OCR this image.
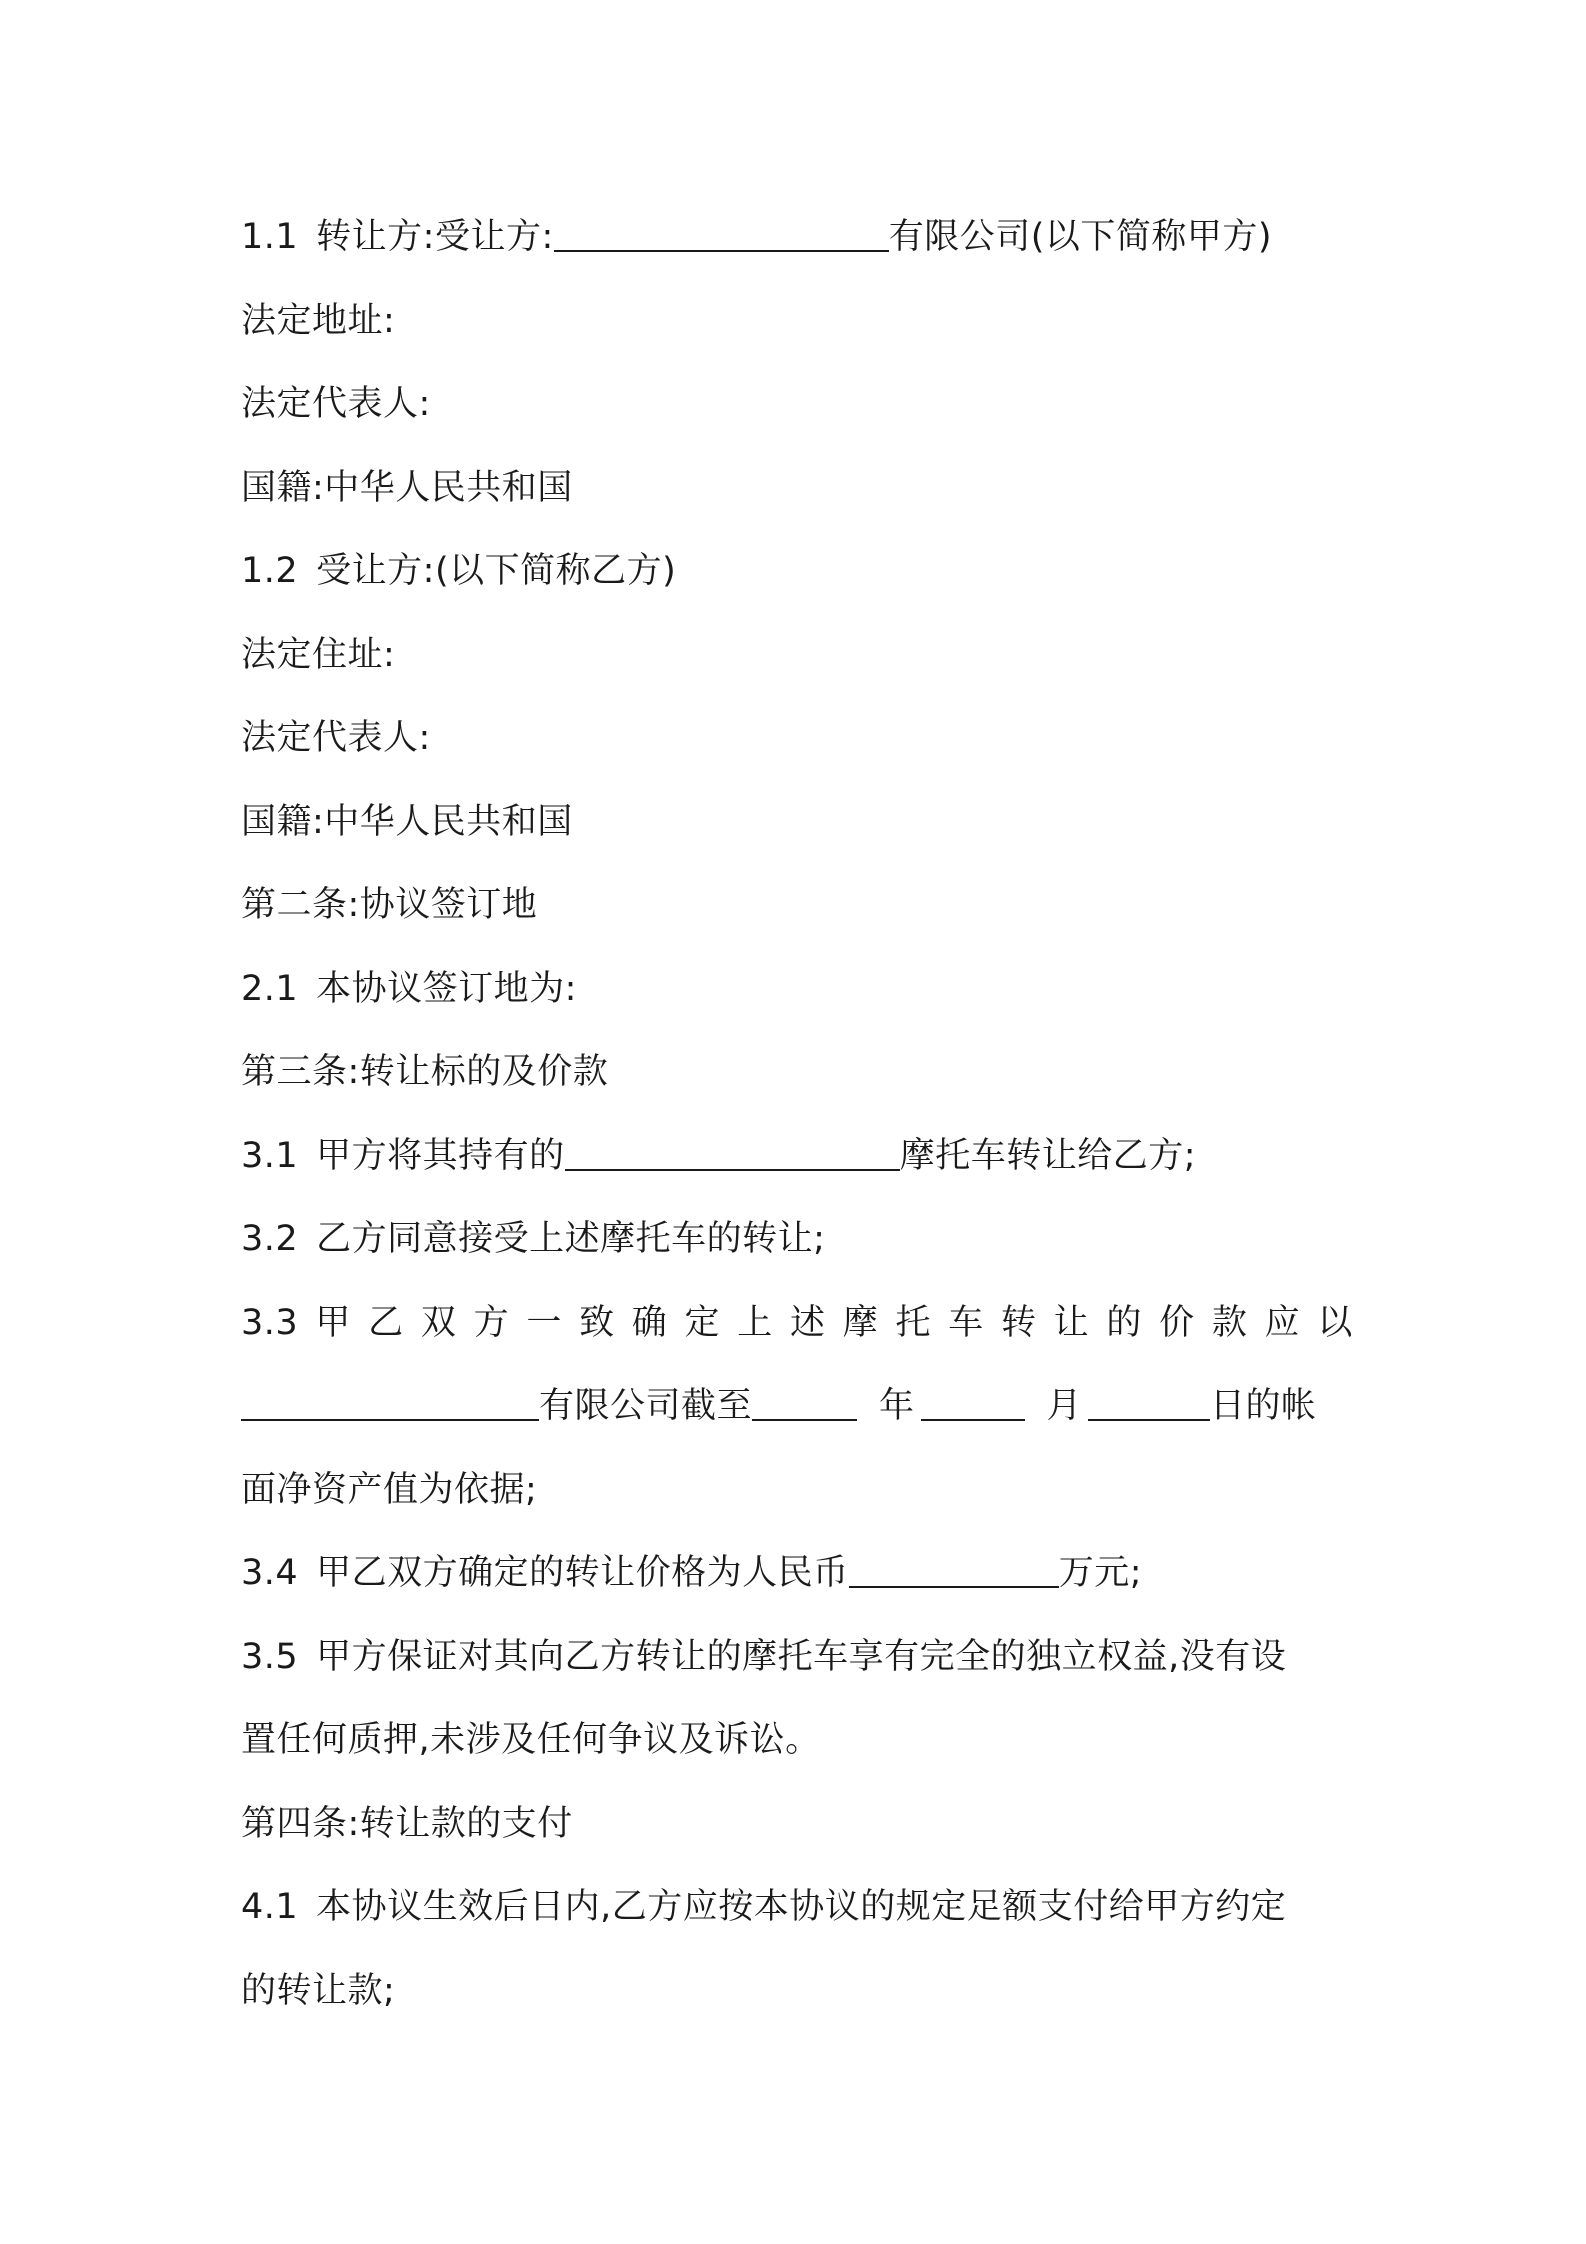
1.1 转让方:受让方:	有限公司(以下简称甲方)
法定地址:
法定代表人:
国籍:中华人民共和国
1.2 受让方:(以下简称乙方)
法定住址:
法定代表人:
国籍:中华人民共和国
第二条:协议签订地
2.1 本协议签订地为:
第三条:转让标的及价款
3.1 甲方将其持有的	摩托车转让给乙方;
3.2 乙方同意接受上述摩托车的转让;
3.3 甲 乙 双 方 一 致 确 定 上 述 摩 托 车 转 让 的 价 款 应 以
有限公司截至	年	月	日的帐
面净资产值为依据;
3.4 甲乙双方确定的转让价格为人民币	万元;
3.5 甲方保证对其向乙方转让的摩托车享有完全的独立权益,没有设
置任何质押,未涉及任何争议及诉讼。
第四条:转让款的支付
4.1 本协议生效后日内,乙方应按本协议的规定足额支付给甲方约定
的转让款;
